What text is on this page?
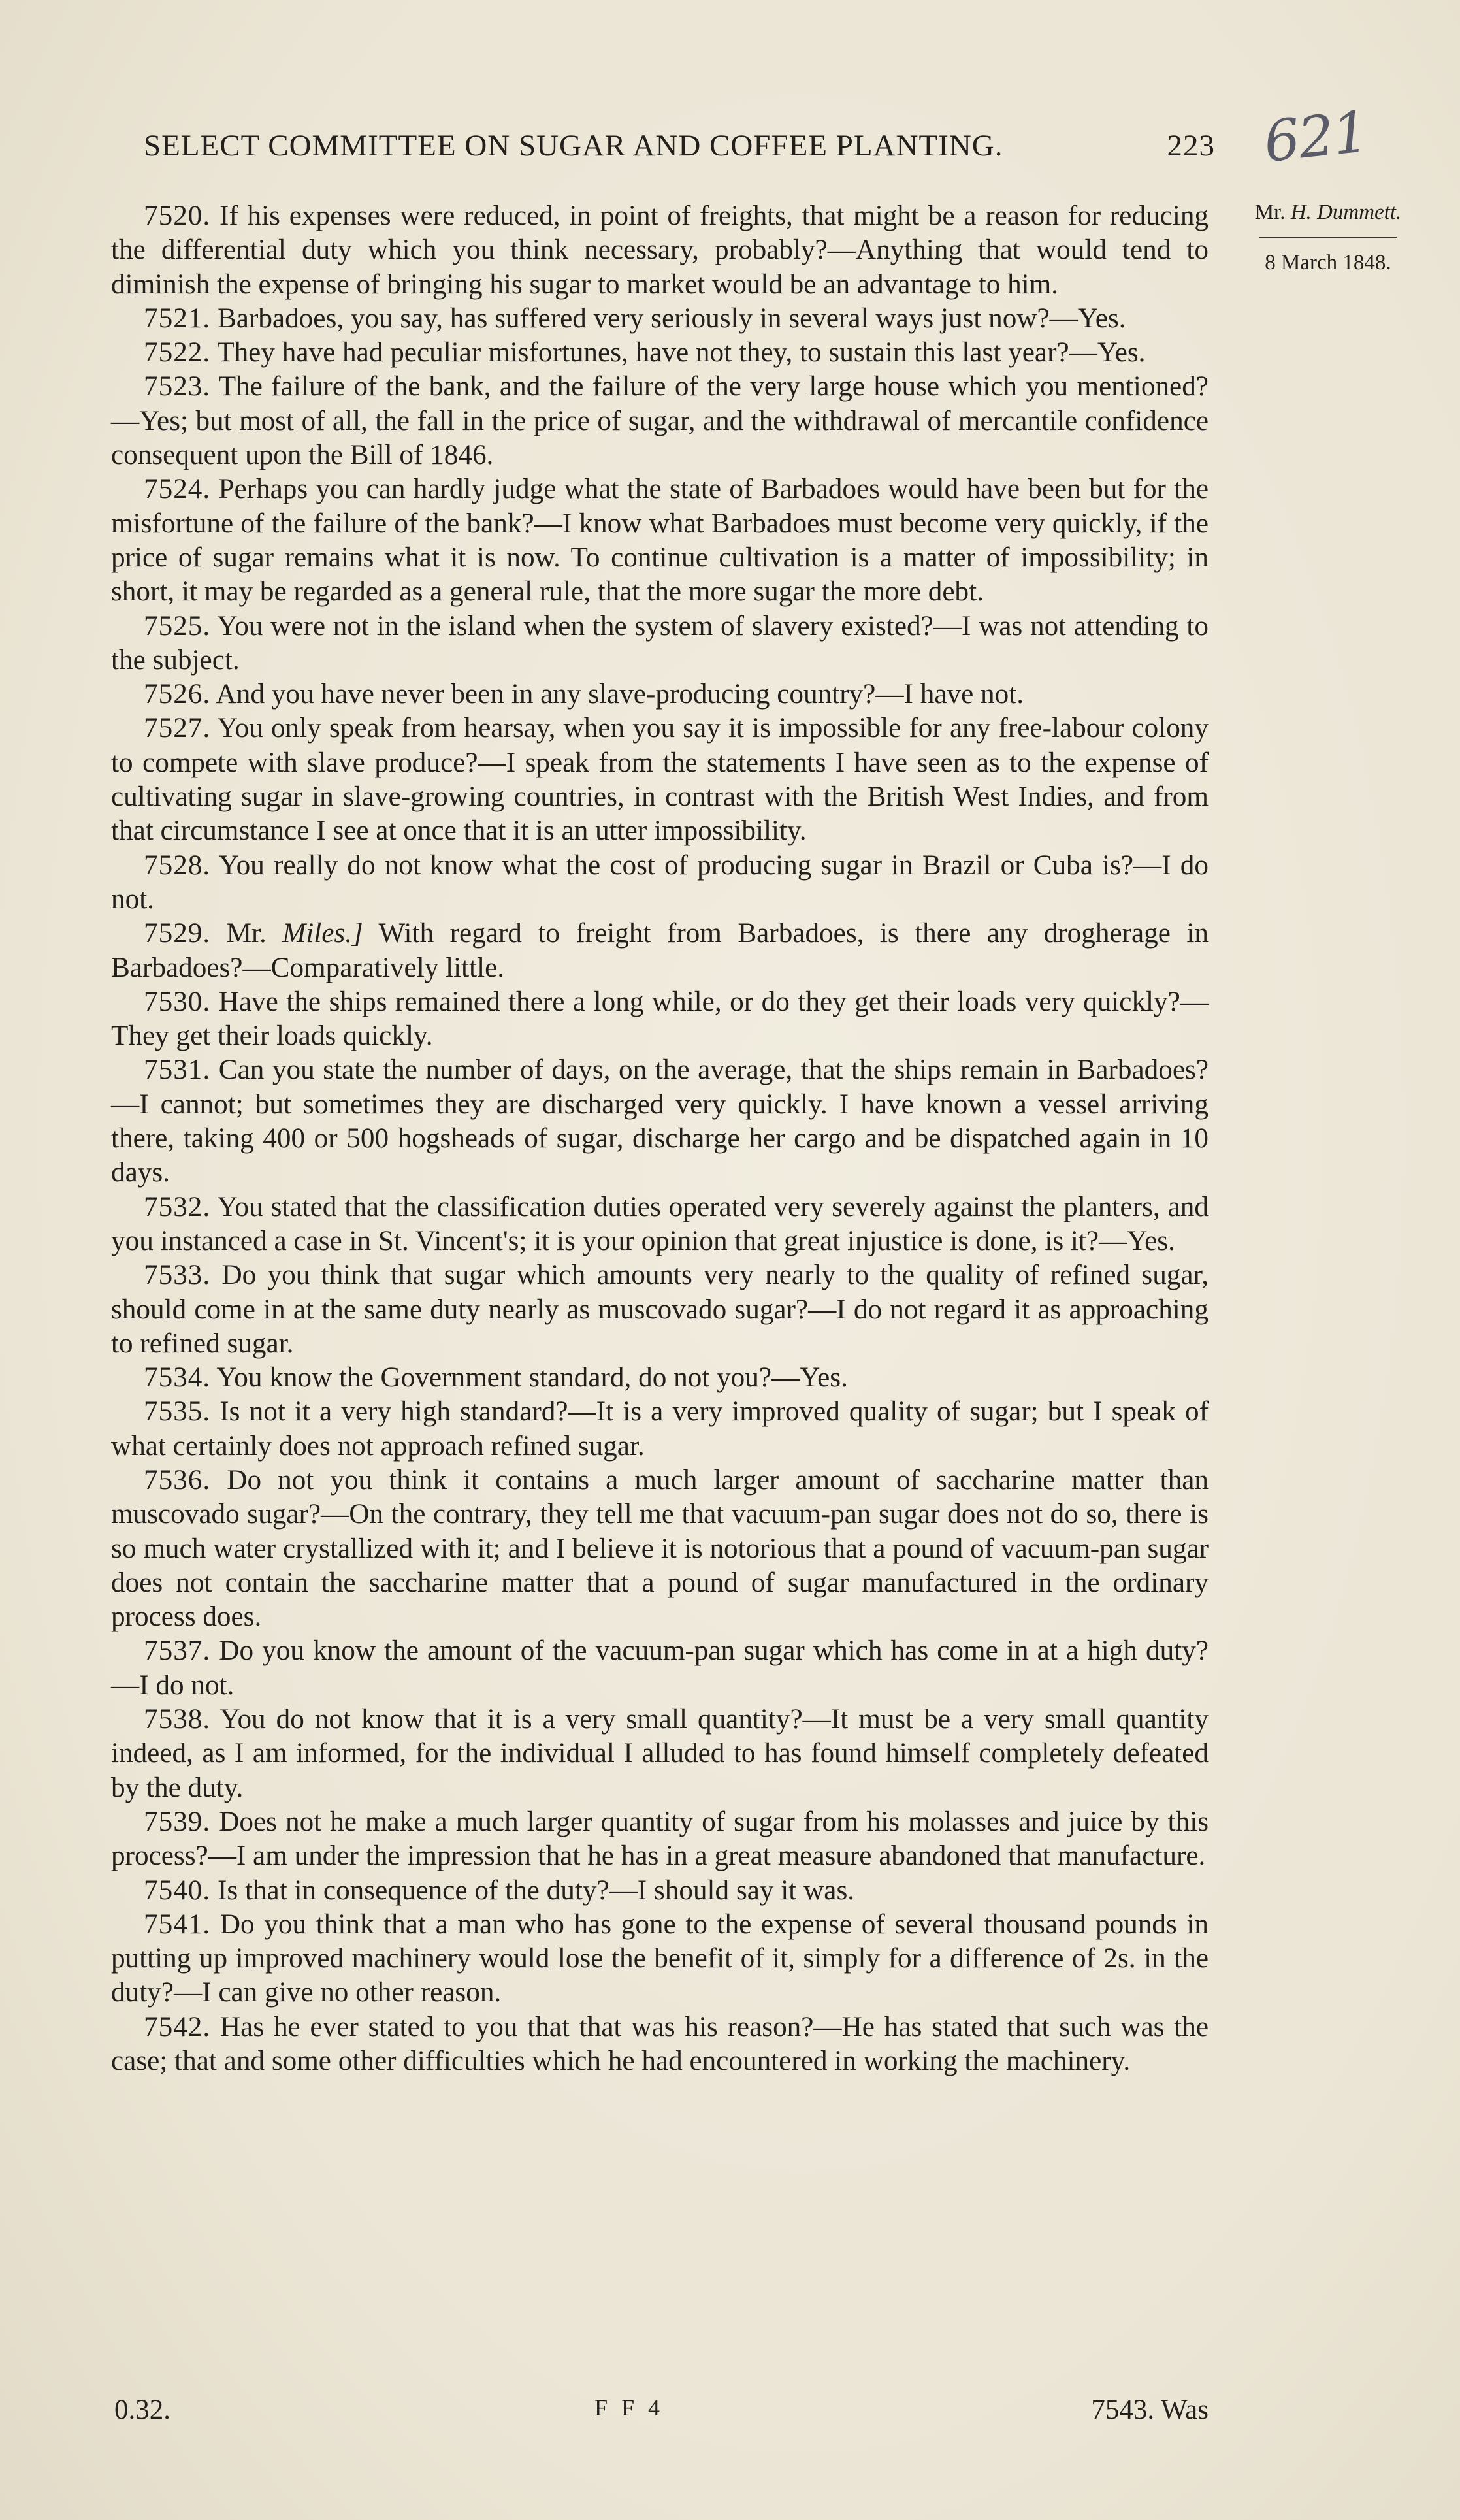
SELECT COMMITTEE ON SUGAR AND COFFEE PLANTING.	223 621
Mr. H. Dummett.
8 March 1848.

7520. If his expenses were reduced, in point of freights, that might be a reason for reducing the differential duty which you think necessary, probably?—Anything that would tend to diminish the expense of bringing his sugar to market would be an advantage to him.

7521. Barbadoes, you say, has suffered very seriously in several ways just now?—Yes.

7522. They have had peculiar misfortunes, have not they, to sustain this last year?—Yes.

7523. The failure of the bank, and the failure of the very large house which you mentioned?—Yes; but most of all, the fall in the price of sugar, and the withdrawal of mercantile confidence consequent upon the Bill of 1846.

7524. Perhaps you can hardly judge what the state of Barbadoes would have been but for the misfortune of the failure of the bank?—I know what Barbadoes must become very quickly, if the price of sugar remains what it is now. To continue cultivation is a matter of impossibility; in short, it may be regarded as a general rule, that the more sugar the more debt.

7525. You were not in the island when the system of slavery existed?—I was not attending to the subject.

7526. And you have never been in any slave-producing country?—I have not.

7527. You only speak from hearsay, when you say it is impossible for any free-labour colony to compete with slave produce?—I speak from the statements I have seen as to the expense of cultivating sugar in slave-growing countries, in contrast with the British West Indies, and from that circumstance I see at once that it is an utter impossibility.

7528. You really do not know what the cost of producing sugar in Brazil or Cuba is?—I do not.

7529. Mr. Miles.] With regard to freight from Barbadoes, is there any drogherage in Barbadoes?—Comparatively little.

7530. Have the ships remained there a long while, or do they get their loads very quickly?—They get their loads quickly.

7531. Can you state the number of days, on the average, that the ships remain in Barbadoes?—I cannot; but sometimes they are discharged very quickly. I have known a vessel arriving there, taking 400 or 500 hogsheads of sugar, discharge her cargo and be dispatched again in 10 days.

7532. You stated that the classification duties operated very severely against the planters, and you instanced a case in St. Vincent's; it is your opinion that great injustice is done, is it?—Yes.

7533. Do you think that sugar which amounts very nearly to the quality of refined sugar, should come in at the same duty nearly as muscovado sugar?—I do not regard it as approaching to refined sugar.

7534. You know the Government standard, do not you?—Yes.

7535. Is not it a very high standard?—It is a very improved quality of sugar; but I speak of what certainly does not approach refined sugar.

7536. Do not you think it contains a much larger amount of saccharine matter than muscovado sugar?—On the contrary, they tell me that vacuum-pan sugar does not do so, there is so much water crystallized with it; and I believe it is notorious that a pound of vacuum-pan sugar does not contain the saccharine matter that a pound of sugar manufactured in the ordinary process does.

7537. Do you know the amount of the vacuum-pan sugar which has come in at a high duty?—I do not.

7538. You do not know that it is a very small quantity?—It must be a very small quantity indeed, as I am informed, for the individual I alluded to has found himself completely defeated by the duty.

7539. Does not he make a much larger quantity of sugar from his molasses and juice by this process?—I am under the impression that he has in a great measure abandoned that manufacture.

7540. Is that in consequence of the duty?—I should say it was.

7541. Do you think that a man who has gone to the expense of several thousand pounds in putting up improved machinery would lose the benefit of it, simply for a difference of 2s. in the duty?—I can give no other reason.

7542. Has he ever stated to you that that was his reason?—He has stated that such was the case; that and some other difficulties which he had encountered in working the machinery.

0.32.	F F 4	7543. Was
